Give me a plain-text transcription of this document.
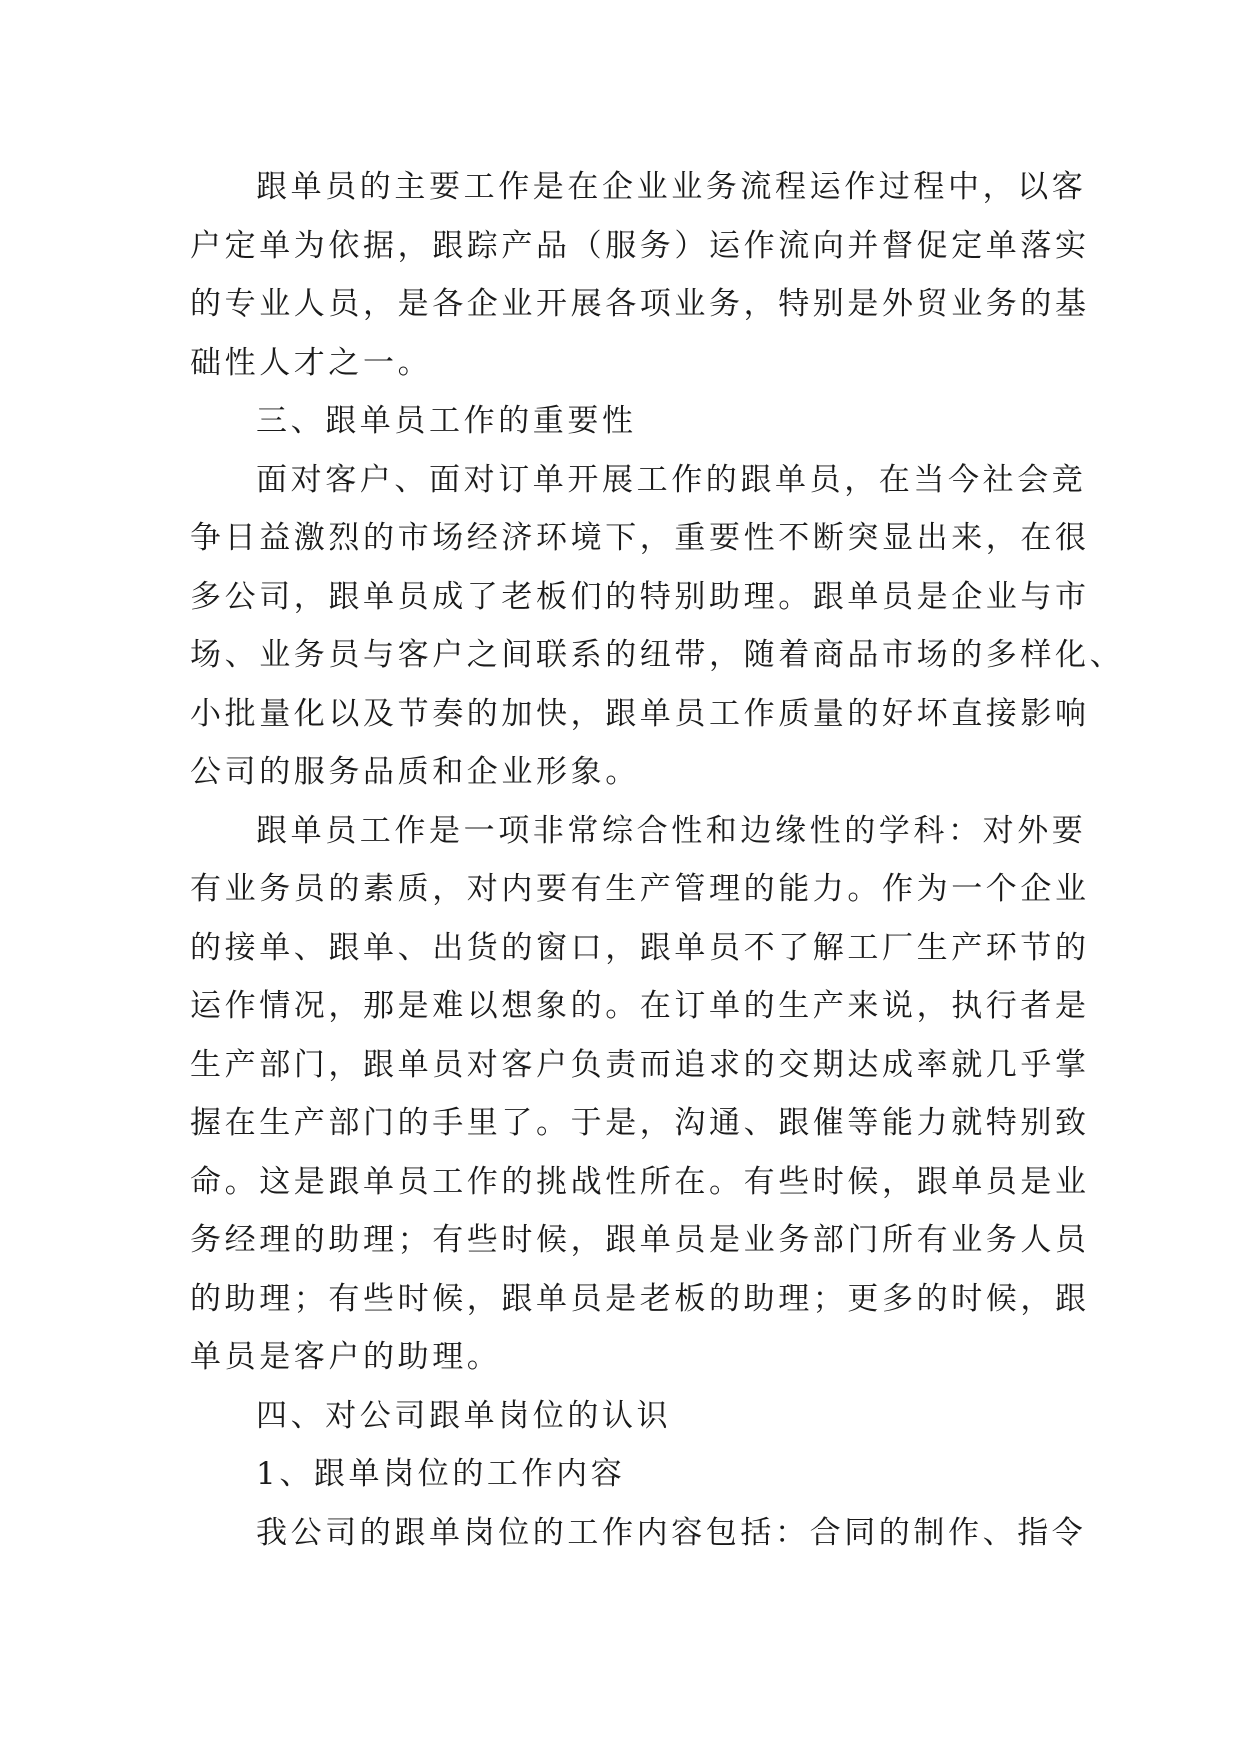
跟单员的主要工作是在企业业务流程运作过程中，以客
户定单为依据，跟踪产品（服务）运作流向并督促定单落实
的专业人员，是各企业开展各项业务，特别是外贸业务的基
础性人才之一。
三、跟单员工作的重要性
面对客户、面对订单开展工作的跟单员，在当今社会竞
争日益激烈的市场经济环境下，重要性不断突显出来，在很
多公司，跟单员成了老板们的特别助理。跟单员是企业与市
场、业务员与客户之间联系的纽带，随着商品市场的多样化、
小批量化以及节奏的加快，跟单员工作质量的好坏直接影响
公司的服务品质和企业形象。
跟单员工作是一项非常综合性和边缘性的学科：对外要
有业务员的素质，对内要有生产管理的能力。作为一个企业
的接单、跟单、出货的窗口，跟单员不了解工厂生产环节的
运作情况，那是难以想象的。在订单的生产来说，执行者是
生产部门，跟单员对客户负责而追求的交期达成率就几乎掌
握在生产部门的手里了。于是，沟通、跟催等能力就特别致
命。这是跟单员工作的挑战性所在。有些时候，跟单员是业
务经理的助理；有些时候，跟单员是业务部门所有业务人员
的助理；有些时候，跟单员是老板的助理；更多的时候，跟
单员是客户的助理。
四、对公司跟单岗位的认识
1、跟单岗位的工作内容
我公司的跟单岗位的工作内容包括：合同的制作、指令
